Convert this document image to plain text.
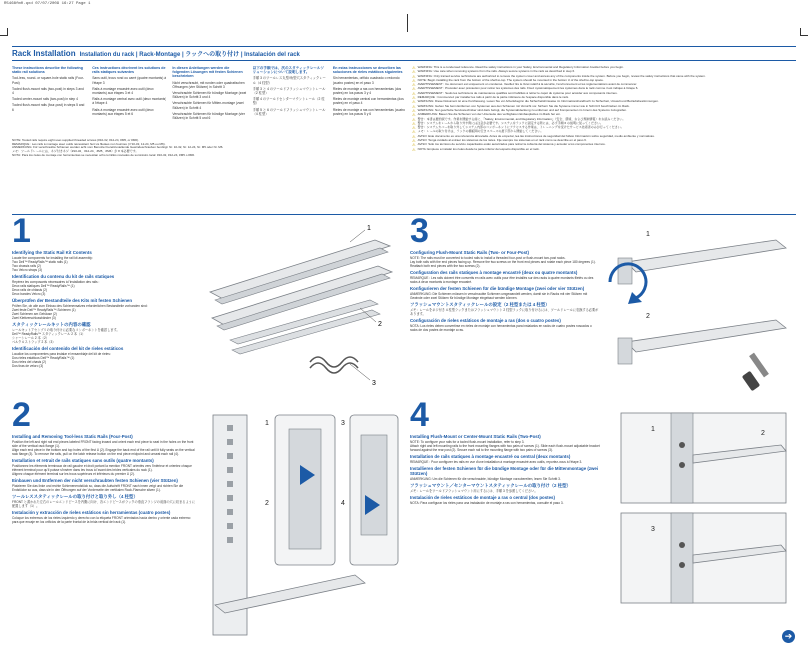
R5468fm0.qxd 07/07/2009 16:27 Page 1
Rack Installation Installation du rack | Rack-Montage | ラックへの取り付け | Instalación del rack
These instructions describe the following static rail solutions

Tool-less, round- or square-hole static rails (Four-Post)

Tooled flush-mount rails (two-post) in steps 3 and 4

Tooled center-mount rails (two-post) in step 4

Tooled flush-mount rails (four-post) in steps 5 and 6

Ces instructions décrivent les solutions de rails statiques suivantes

Sans outil, trous rond ou carré (quatre montants) à l'étape 3

Rails à montage encastré avec outil (deux montants) aux étapes 3 et 4

Rails à montage central avec outil (deux montants) à l'étape 4

Rails à montage encastré avec outil (deux montants) aux étapes 5 et 6

In diesen Anleitungen werden die folgenden Lösungen mit festen Schienen beschrieben

Nicht verschraubt, mit runden oder quadratischen Öffnungen (vier Stützen) in Schritt 3

Verschraubte Schienen für bündige Montage (zwei Stützen) in Schritt 3 und 4

Verschraubte Schienen für Mitten-montage (zwei Stützen) in Schritt 4

Verschraubte Schienen für bündige Montage (vier Stützen) in Schritt 5 und 6

以下の手順では、次のスタティックレールソリューションについて説明します。

手順 3 のツールレス丸型/角型穴スタティックレール（4 柱型）

手順 3 と 4 のツールドフラッシュマウントレール（2 柱型）

手順 4 のツールドセンターマウントレール（2 柱型）

手順 5 と 6 のツールドフラッシュマウントレール（4 柱型）

En estas instrucciones se describen las soluciones de rieles estáticos siguientes

Sin herramientas, orificio cuadrado o redondo (cuatro postes) en el paso 3

Rieles de montaje a ras con herramientas (dos postes) en los pasos 3 y 4

Rieles de montaje central con herramientas (dos postes) en el paso 4

Rieles de montaje a ras con herramientas (cuatro postes) en los pasos 5 y 6

NOTE: Tooled rails require eight user-supplied threaded screws (#10-32, #12-24, #M5, or #M6).
REMARQUE : Les rails à montage avec outils nécessitent huit vis filetées non fournies (n°10-32, 12-24, M5 ou M6).
ANMERKUNG: Für verschraubte Schienen werden acht vom Benutzer bereitzustellende Gewindeschrauben benötigt: Nr. 10-32, Nr. 12-24, Nr. M5 oder Nr. M6.
メモ：ツールドレールには、ネジ付きネジ（#10-32、#12-24、#M5、#M6）が 8 本必要です。
NOTA: Para los rieles de montaje con herramientas se necesitan ocho tornillos roscados de suministro local: #10-32, #12-24, #M5 o #M6.
⚠ WARNING: This is a condensed reference. Read the safety instructions in your Safety, Environmental and Regulatory Information booklet before you begin.
⚠ WARNING: Use care when removing systems from the rails. Always secure systems in the rack as described in step 6.
⚠ WARNING: Only trained service technicians are authorized to remove the system cover and access any of the components inside the system. Before you begin, review the safety instructions that came with the system.
⚠ NOTE: Begin installing the rack from the bottom of the shelf-to-top. The system should be mounted in the bottom U of the shelf-to-top space.
⚠ AVERTISSEMENT : Ce document est uniquement un condensé. Veuillez lire le livret relatif à la sécurité, l'environnement et les réglementations avant de commencer.
⚠ AVERTISSEMENT : Procédez avec précaution pour retirer les systèmes des rails. Fixez systématiquement les systèmes dans le rack comme il est indiqué à l'étape 6.
⚠ AVERTISSEMENT : Seuls les techniciens de maintenance qualifiés sont habilités à retirer le capot du système pour accéder aux composants internes.
⚠ REMARQUE : Commencez par installer les rails à partir de la partie inférieure de l'espace disponible dans le rack.
⚠ WARNUNG: Diese Dokument ist eine Kurzfassung. Lesen Sie vor Arbeitsbeginn die Sicherheitshinweise im Informationshandbuch zu Sicherheit, Umwelt und Betriebsbestimmungen.
⚠ WARNUNG: Gehen Sie beim Entfernen von Systemen aus den Schienen mit Vorsicht vor. Sichern Sie die Systeme immer wie in Schritt 6 beschrieben im Rack.
⚠ WARNUNG: Nur geschulte Servicetechniker sind dazu befugt, die Systemabdeckung zu entfernen und auf Komponenten im Innern des Systems zuzugreifen.
⚠ ANMERKUNG: Bauen Sie die Schienen von der Unterseite des verfügbaren Einbauplatzes im Rack her ein.
⚠ 警告：本書は要約版です。作業を開始する前に、『Safety, Environmental, and Regulatory Information』（安全、環境、および規制情報）をお読みください。
⚠ 警告：システムをレールから取り外す際には注意が必要です。システムをラックに固定する際には、必ず手順 6 の説明に従ってください。
⚠ 警告：システムカバーを取り外してシステム内部のコンポーネントにアクセスする作業は、トレーニングを受けたサービス技術者のみが行ってください。
⚠ メモ：レールの取り付けは、ラックの棚板間の空きスペースの最下部から開始してください。
⚠ AVISO: Este documento es una referencia abreviada. Antes de empezar, lea las instrucciones de seguridad del folleto Información sobre seguridad, medio ambiente y normativas.
⚠ AVISO: Tenga cuidado al extraer los sistemas de los rieles. Fije siempre los sistemas en el rack como se describe en el paso 6.
⚠ AVISO: Sólo los técnicos de servicio capacitados están autorizados para retirar la cubierta del sistema y acceder a los componentes internos.
⚠ NOTA: Empiece a instalar los rieles desde la parte inferior del espacio disponible en el rack.
1
Identifying the Static Rail Kit Contents
Locate the components for installing the rail kit assembly:
Two Dell™ ReadyRails™ static rails (1)
Two chassis rails (2)
Two Velcro straps (3)
Identification du contenu du kit de rails statiques
Repérez les composants nécessaires à l'installation des rails :
Deux rails statiques Dell™ ReadyRails™ (1)
Deux rails de châssis (2)
Deux bandes Velcro (3)
Überprüfen der Bestandteile des Kits mit festen Schienen
Prüfen Sie, ob alle zum Einbau des Schienensatzes erforderlichen Bestandteile vorhanden sind:
Zwei feste Dell™ ReadyRails™-Schienen (1)
Zwei Schienen am Gehäuse (2)
Zwei Klettverschlussbänder (3)
スタティックレールキットの内容の確認
レールキットアセンブリの取り付けに必要なコンポーネントを確認します。
Dell™ ReadyRails™ スタティックレール 2 本（1）
シャーシレール 2 本（2）
ベルクロストラップ 2 本（3）
Identificación del contenido del kit de rieles estáticos
Localice los componentes para instalar el ensamblaje del kit de rieles:
Dos rieles estáticos Dell™ ReadyRails™ (1)
Dos rieles del chasis (2)
Dos tiras de velcro (3)
1
2
3
2
Installing and Removing Tool-less Static Rails (Four-Post)
Position the left and right rail end pieces labeled FRONT facing inward and orient each end piece to seat in the holes on the front side of the vertical rack flange (1).
Align each end piece in the bottom and top holes of the first U (2). Engage the back end of the rail until it fully seats on the vertical rack flange (3). To remove the rails, pull on the latch release button on the end piece midpoint and unseat each rail (4).
Installation et retrait de rails statiques sans outils (quatre montants)
Positionnez les éléments terminaux de rail gauche et droit portant la mention FRONT orientés vers l'intérieur et orientez chaque élément terminal pour qu'il puisse s'insérer dans les trous à l'avant des brides verticales du rack (1).
Alignez chaque élément terminal sur les trous supérieurs et inférieurs du premier U (2).
Einbauen und Entfernen der nicht verschraubten festen Schienen (vier Stützen)
Platzieren Sie das linke und rechte Schienenendstück so, dass die Aufschrift FRONT nach innen zeigt und richten Sie die Endstücke so aus, dass sie in den Öffnungen auf der Vorderseite der vertikalen Rack-Flansche sitzen (1).
ツールレススタティックレールの取り付けと取り外し（4 柱型）
FRONT と書かれた左右のレールエンドピースを内側に向け、各エンドピースがラックの垂直フランジの前面の穴に収まるように配置します（1）。
Instalación y extracción de rieles estáticos sin herramientas (cuatro postes)
Coloque los extremos de los rieles izquierdo y derecho con la etiqueta FRONT orientados hacia dentro y oriente cada extremo para que encaje en los orificios de la parte frontal de la brida vertical del rack (1).
1
2
3
4
3
Configuring Flush-Mount Static Rails (Two- or Four-Post)
NOTE: The rails must be converted to tooled rails to install a threaded four-post or flush-mount two-post racks.
Lay both rails with the end pieces facing up. Remove the two screws on the front end pieces and rotate each piece 180 degrees (1). Reattach both end pieces with the two screws (2).
Configuration des rails statiques à montage encastré (deux ou quatre montants)
REMARQUE : Les rails doivent être convertis en rails avec outils pour être installés sur des racks à quatre montants filetés ou des racks à deux montants à montage encastré.
Konfigurieren der festen Schienen für die bündige Montage (zwei oder vier Stützen)
ANMERKUNG: Die Schienen müssen in verschraubte Schienen umgewandelt werden, damit sie in Racks mit vier Stützen mit Gewinde oder zwei Stützen für bündige Montage eingebaut werden können.
フラッシュマウントスタティックレールの設定（2 柱型または 4 柱型）
メモ：レールをネジ付き 4 柱型ラックまたはフラッシュマウント 2 柱型ラックに取り付けるには、ツールドレールに変換する必要があります。
Configuración de rieles estáticos de montaje a ras (dos o cuatro postes)
NOTA: Los rieles deben convertirse en rieles de montaje con herramientas para instalarlos en racks de cuatro postes roscados o racks de dos postes de montaje a ras.
1
2
4
Installing Flush-Mount or Center-Mount Static Rails (Two-Post)
NOTE: To configure your rails for a tooled flush-mount installation, refer to step 3.
Attach right and left mounting rails to the front mounting flanges with two pairs of screws (1). Slide each flush-mount adjustable bracket forward against the rear post (2). Secure each rail to the mounting flange with two pairs of screws (3).
Installation de rails statiques à montage encastré ou central (deux montants)
REMARQUE : Pour configurer les rails en vue d'une installation à montage encastré avec outils, reportez-vous à l'étape 3.
Installieren der festen Schienen für die bündige Montage oder für die Mittenmontage (zwei Stützen)
ANMERKUNG: Um die Schienen für die verschraubte, bündige Montage vorzubereiten, lesen Sie Schritt 3.
フラッシュマウント／センターマウントスタティックレールの取り付け（2 柱型）
メモ：レールをツールドフラッシュマウント用にするには、手順 3 を参照してください。
Instalación de rieles estáticos de montaje a ras o central (dos postes)
NOTA: Para configurar los rieles para una instalación de montaje a ras con herramientas, consulte el paso 3.
1
2
3
➔
